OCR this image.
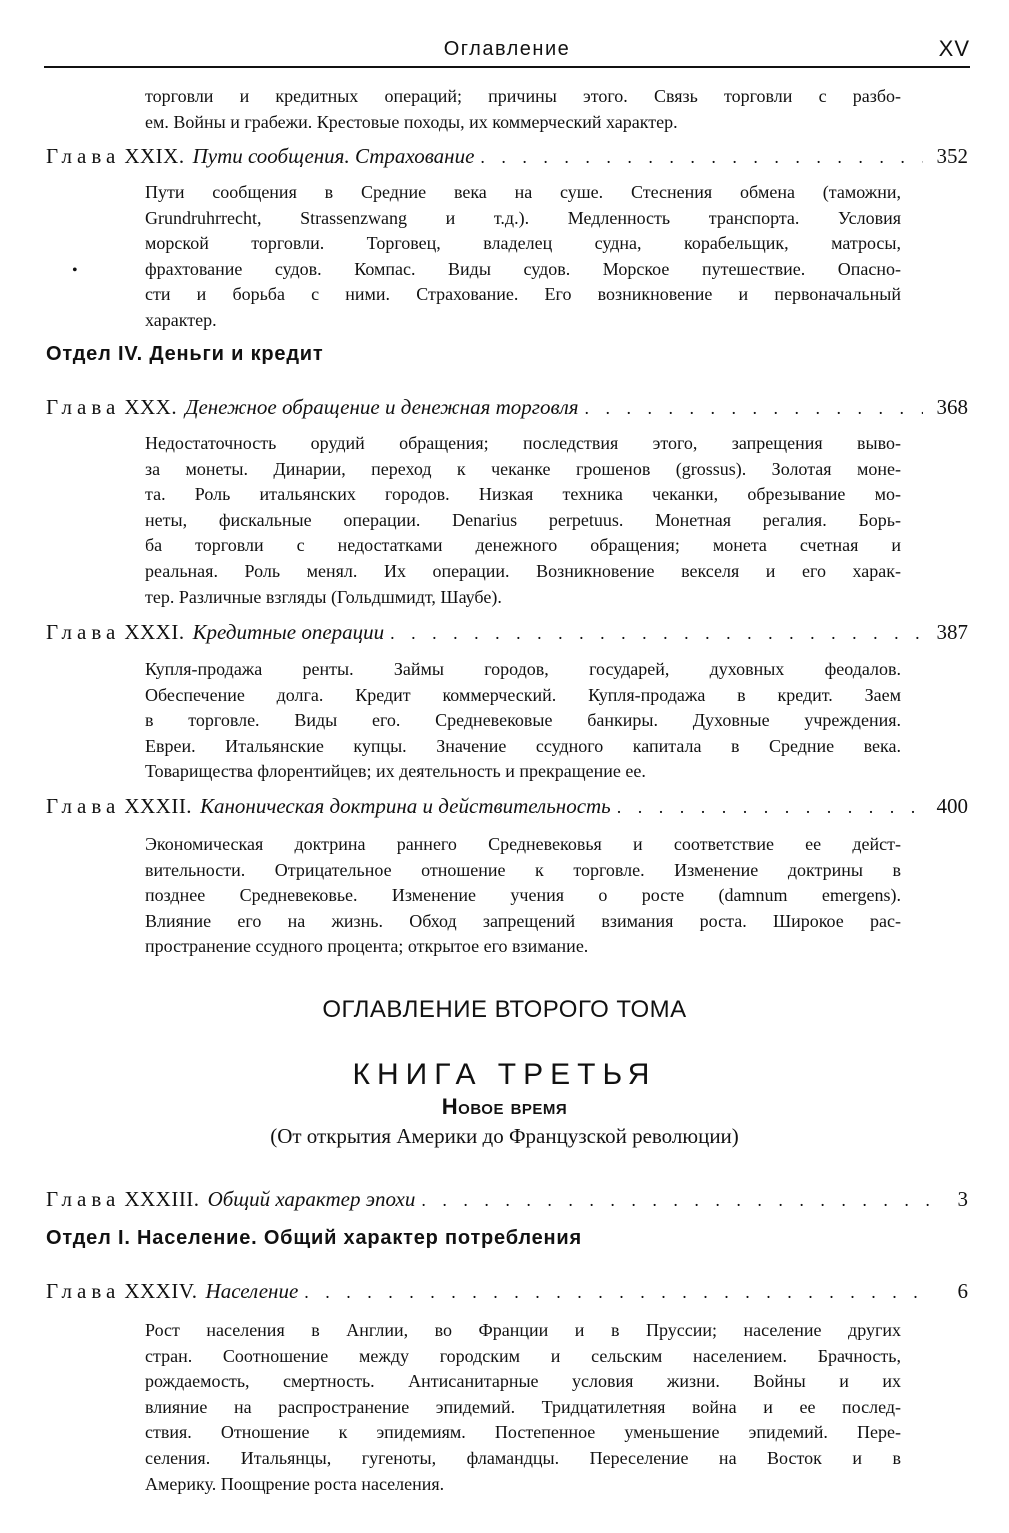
Оглавление	XV
торговли и кредитных операций; причины этого. Связь торговли с разбо-
ем. Войны и грабежи. Крестовые походы, их коммерческий характер.
Глава XXIX. Пути сообщения. Страхование . . .	352
Пути сообщения в Средние века на суше. Стеснения обмена (таможни,
Grundruhrrecht, Strassenzwang и т.д.). Медленность транспорта. Условия
морской торговли. Торговец, владелец судна, корабельщик, матросы,
фрахтование судов. Компас. Виды судов. Морское путешествие. Опасно-
сти и борьба с ними. Страхование. Его возникновение и первоначальный
характер.
•
Отдел IV. Деньги и кредит
Глава XXX. Денежное обращение и денежная торговля . . .	368
Недостаточность орудий обращения; последствия этого, запрещения выво-
за монеты. Динарии, переход к чеканке грошенов (grossus). Золотая моне-
та. Роль итальянских городов. Низкая техника чеканки, обрезывание мо-
неты, фискальные операции. Denarius perpetuus. Монетная регалия. Борь-
ба торговли с недостатками денежного обращения; монета счетная и
реальная. Роль менял. Их операции. Возникновение векселя и его харак-
тер. Различные взгляды (Гольдшмидт, Шаубе).
Глава XXXI. Кредитные операции . . .	387
Купля-продажа ренты. Займы городов, государей, духовных феодалов.
Обеспечение долга. Кредит коммерческий. Купля-продажа в кредит. Заем
в торговле. Виды его. Средневековые банкиры. Духовные учреждения.
Евреи. Итальянские купцы. Значение ссудного капитала в Средние века.
Товарищества флорентийцев; их деятельность и прекращение ее.
Глава XXXII. Каноническая доктрина и действительность . . .	400
Экономическая доктрина раннего Средневековья и соответствие ее дейст-
вительности. Отрицательное отношение к торговле. Изменение доктрины в
позднее Средневековье. Изменение учения о росте (damnum emergens).
Влияние его на жизнь. Обход запрещений взимания роста. Широкое рас-
пространение ссудного процента; открытое его взимание.
ОГЛАВЛЕНИЕ ВТОРОГО ТОМА
КНИГА ТРЕТЬЯ
Новое время
(От открытия Америки до Французской революции)
Глава XXXIII. Общий характер эпохи . . .	3
Отдел I. Население. Общий характер потребления
Глава XXXIV. Население . . .	6
Рост населения в Англии, во Франции и в Пруссии; население других
стран. Соотношение между городским и сельским населением. Брачность,
рождаемость, смертность. Антисанитарные условия жизни. Войны и их
влияние на распространение эпидемий. Тридцатилетняя война и ее послед-
ствия. Отношение к эпидемиям. Постепенное уменьшение эпидемий. Пере-
селения. Итальянцы, гугеноты, фламандцы. Переселение на Восток и в
Америку. Поощрение роста населения.
